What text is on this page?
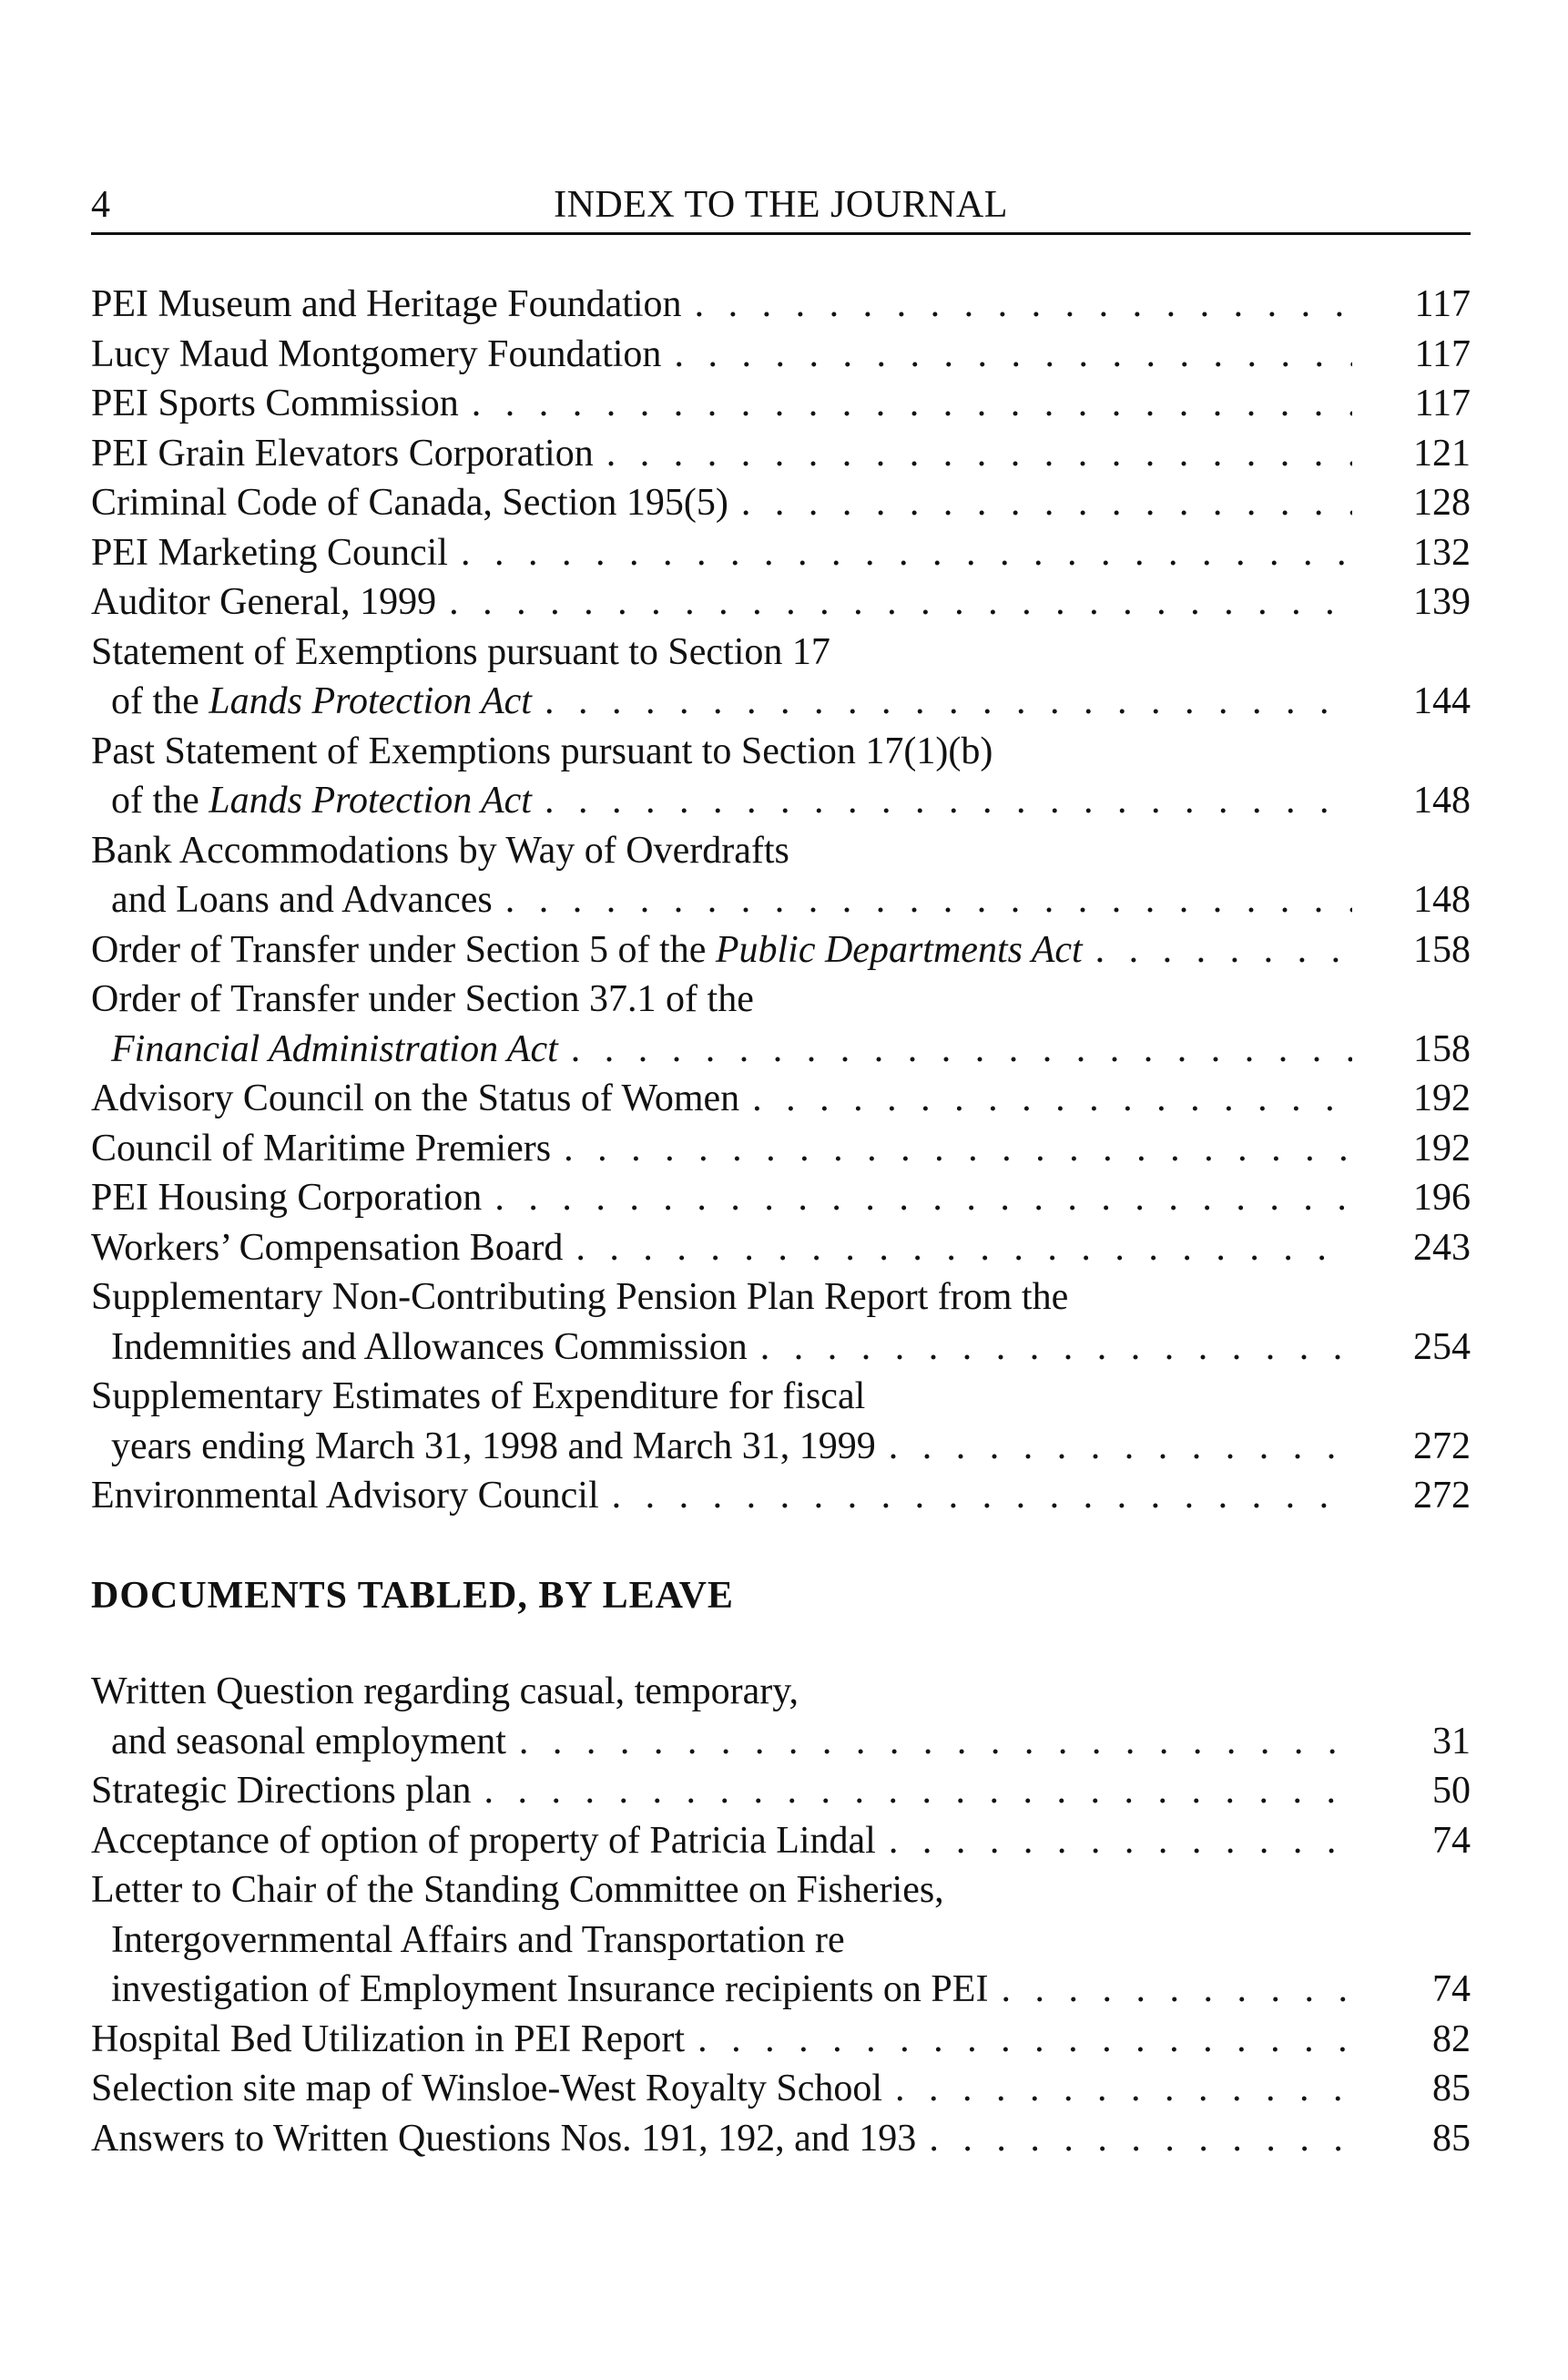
4	INDEX TO THE JOURNAL
PEI Museum and Heritage Foundation . . .	117
Lucy Maud Montgomery Foundation . . .	117
PEI Sports Commission . . .	117
PEI Grain Elevators Corporation . . .	121
Criminal Code of Canada, Section 195(5) . . .	128
PEI Marketing Council . . .	132
Auditor General, 1999 . . .	139
Statement of Exemptions pursuant to Section 17
of the Lands Protection Act . . .	144
Past Statement of Exemptions pursuant to Section 17(1)(b)
of the Lands Protection Act . . .	148
Bank Accommodations by Way of Overdrafts
and Loans and Advances . . .	148
Order of Transfer under Section 5 of the Public Departments Act . . .	158
Order of Transfer under Section 37.1 of the
Financial Administration Act . . .	158
Advisory Council on the Status of Women . . .	192
Council of Maritime Premiers . . .	192
PEI Housing Corporation . . .	196
Workers’ Compensation Board . . .	243
Supplementary Non-Contributing Pension Plan Report from the
Indemnities and Allowances Commission . . .	254
Supplementary Estimates of Expenditure for fiscal
years ending March 31, 1998 and March 31, 1999 . . .	272
Environmental Advisory Council . . .	272
DOCUMENTS TABLED, BY LEAVE
Written Question regarding casual, temporary,
and seasonal employment . . .	31
Strategic Directions plan . . .	50
Acceptance of option of property of Patricia Lindal . . .	74
Letter to Chair of the Standing Committee on Fisheries,
Intergovernmental Affairs and Transportation re
investigation of Employment Insurance recipients on PEI . . .	74
Hospital Bed Utilization in PEI Report . . .	82
Selection site map of Winsloe-West Royalty School . . .	85
Answers to Written Questions Nos. 191, 192, and 193 . . .	85
